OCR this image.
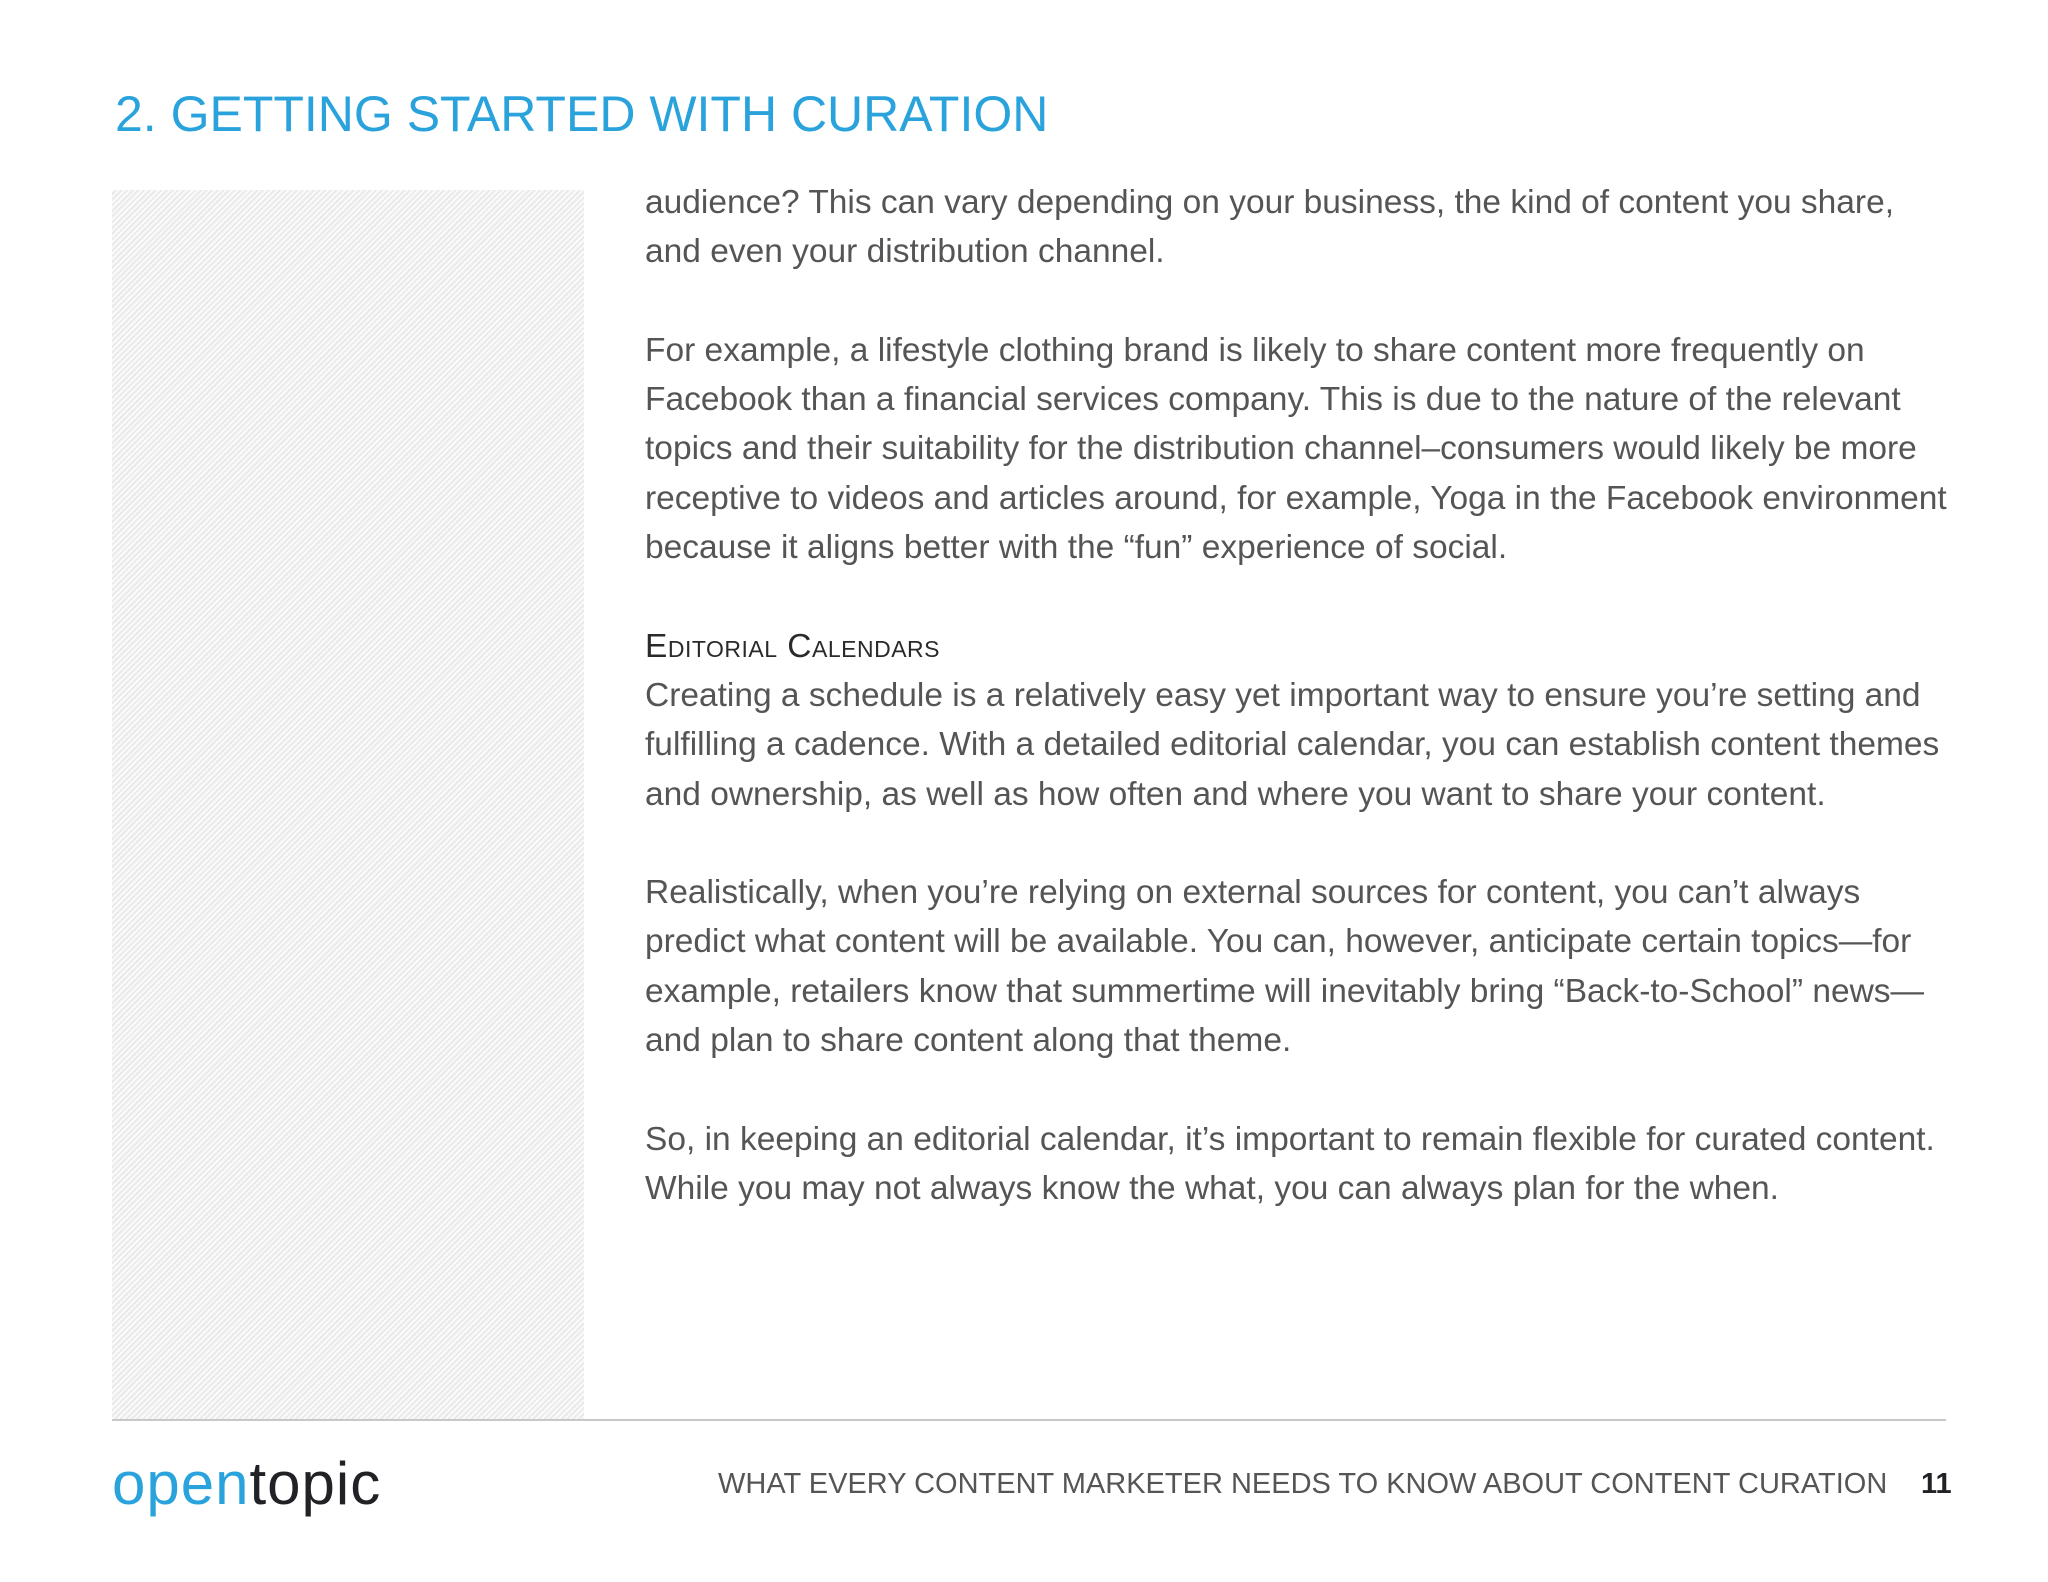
2. GETTING STARTED WITH CURATION

audience? This can vary depending on your business, the kind of content you share, and even your distribution channel.

For example, a lifestyle clothing brand is likely to share content more frequently on Facebook than a financial services company. This is due to the nature of the relevant topics and their suitability for the distribution channel–consumers would likely be more receptive to videos and articles around, for example, Yoga in the Facebook environment because it aligns better with the “fun” experience of social.

Editorial Calendars

Creating a schedule is a relatively easy yet important way to ensure you’re setting and fulfilling a cadence. With a detailed editorial calendar, you can establish content themes and ownership, as well as how often and where you want to share your content.

Realistically, when you’re relying on external sources for content, you can’t always predict what content will be available. You can, however, anticipate certain topics—for example, retailers know that summertime will inevitably bring “Back-to-School” news—and plan to share content along that theme.

So, in keeping an editorial calendar, it’s important to remain flexible for curated content. While you may not always know the what, you can always plan for the when.

opentopic	WHAT EVERY CONTENT MARKETER NEEDS TO KNOW ABOUT CONTENT CURATION 11
